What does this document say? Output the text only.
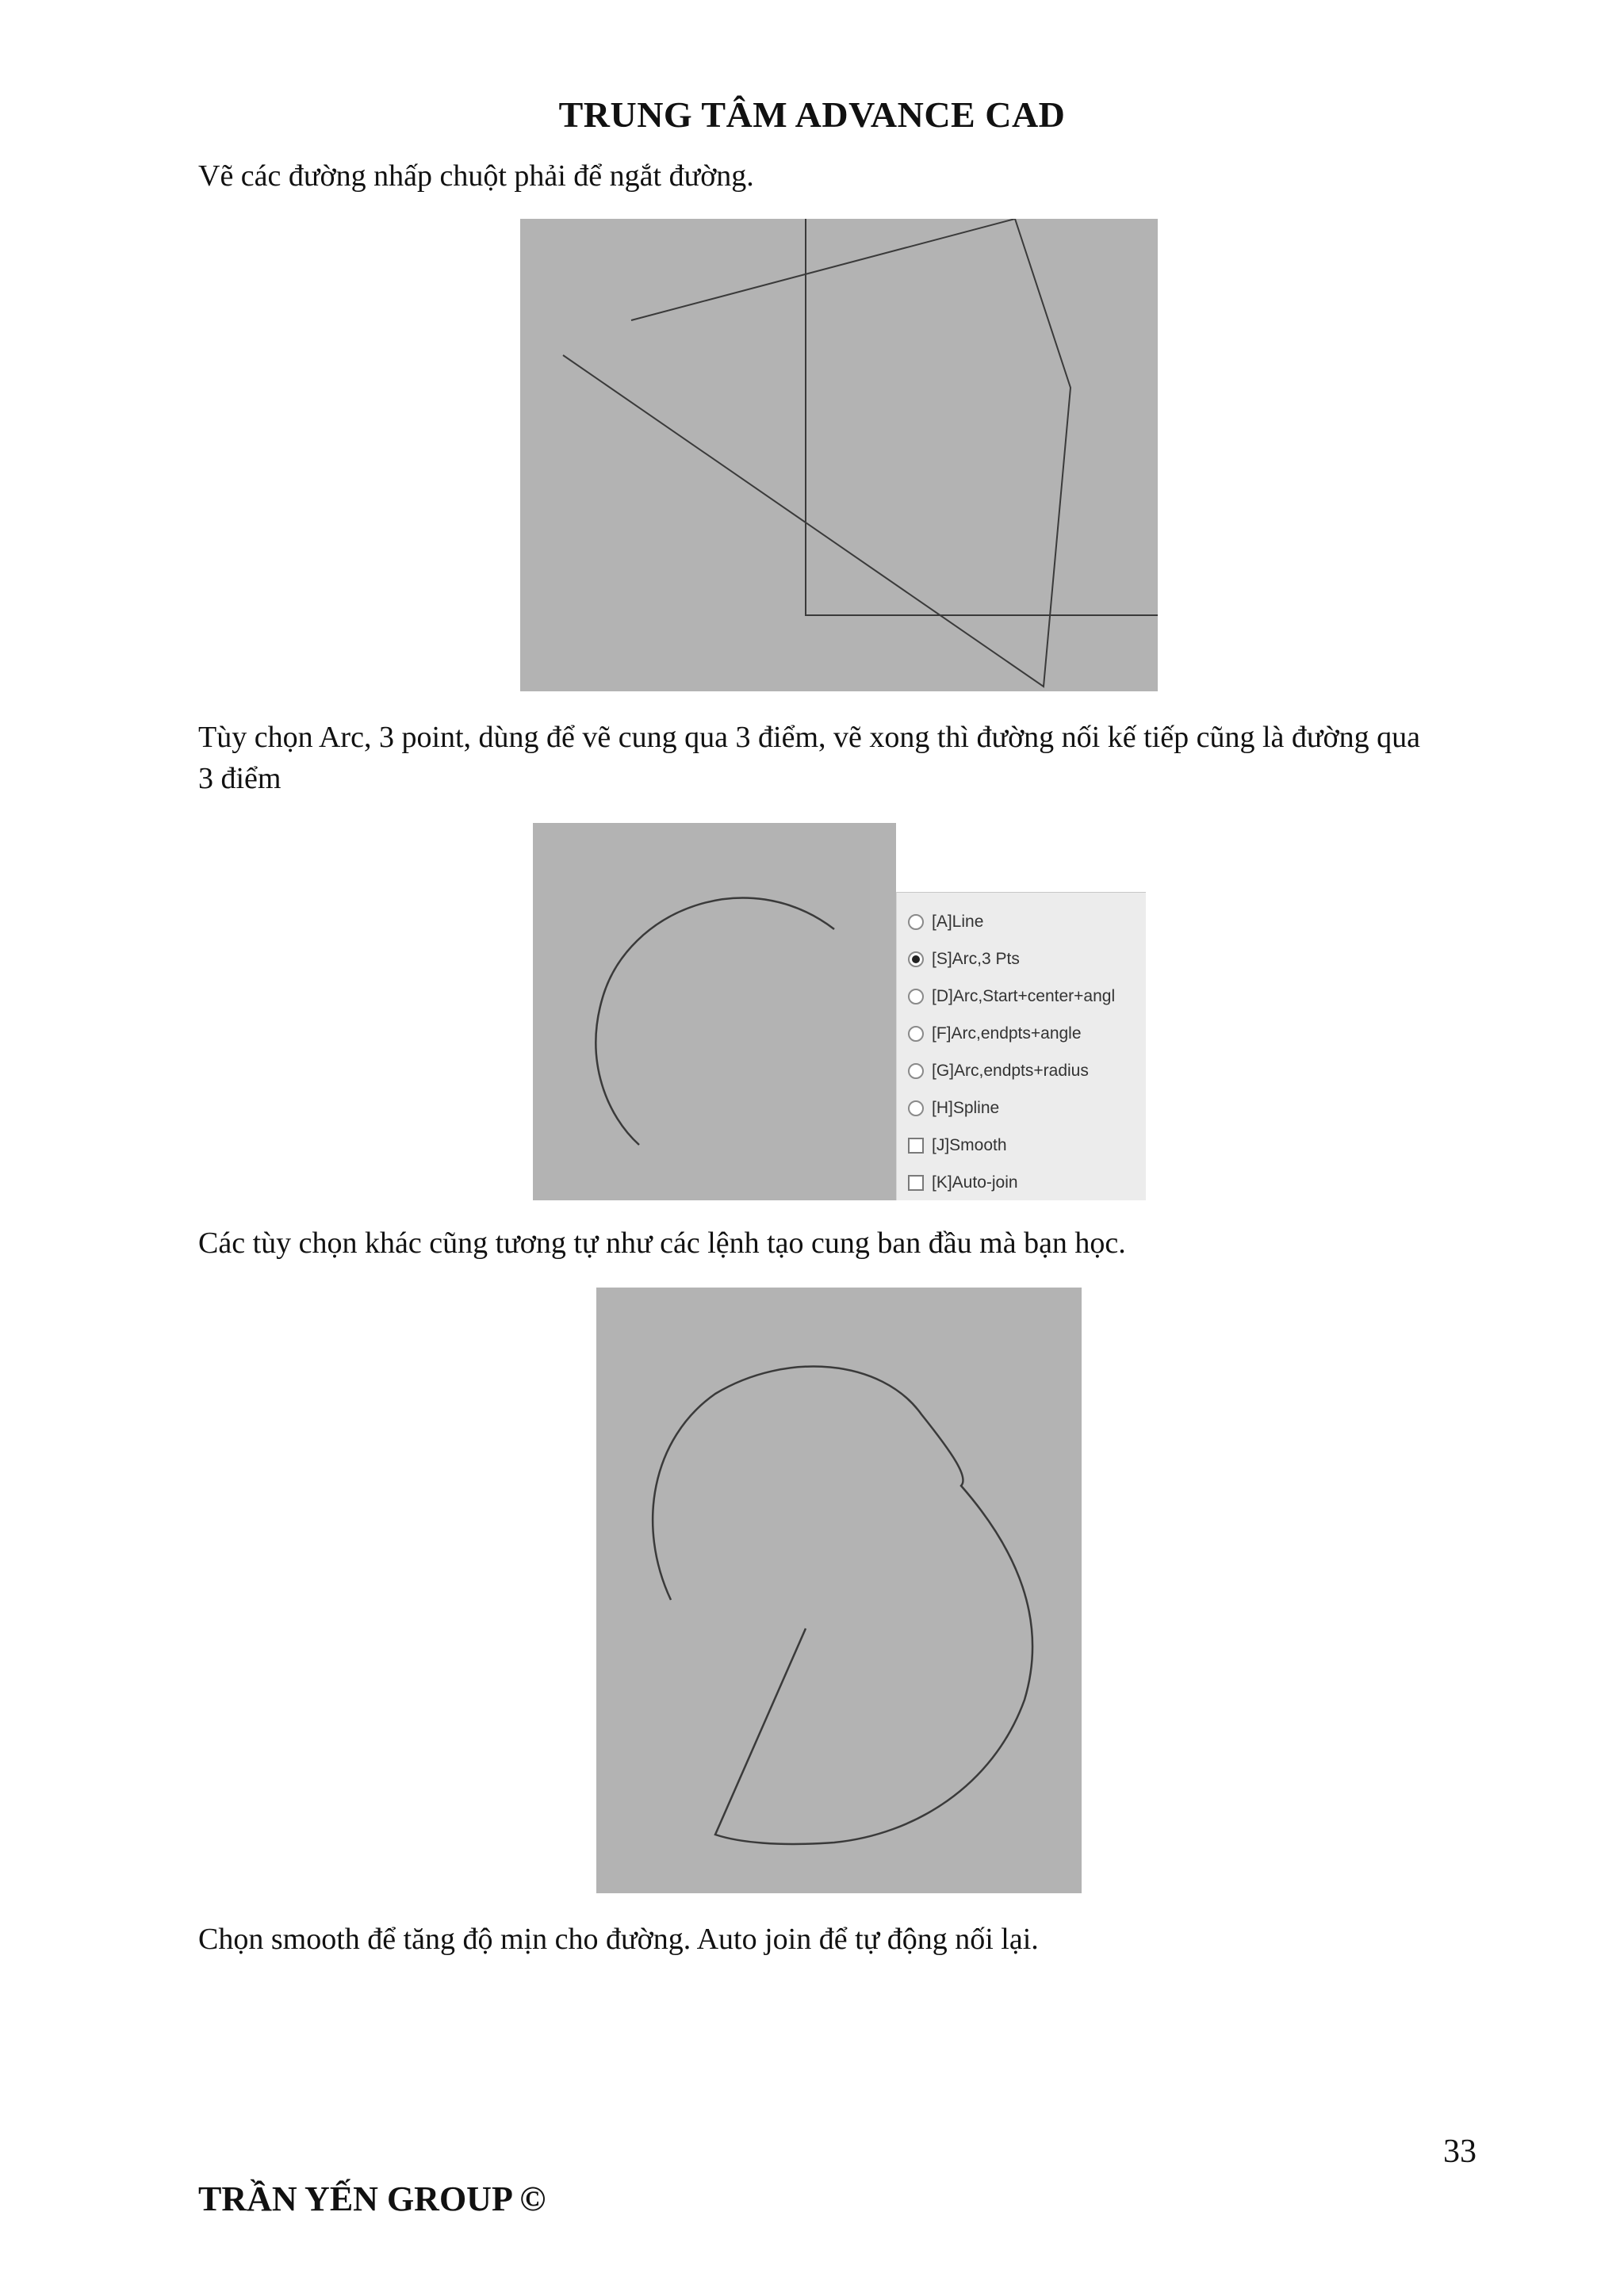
TRUNG TÂM ADVANCE CAD
Vẽ các đường nhấp chuột phải để ngắt đường.
Tùy chọn Arc, 3 point, dùng để vẽ cung qua 3 điểm, vẽ xong thì đường nối kế tiếp cũng là đường qua 3 điểm
[A]Line
[S]Arc,3 Pts
[D]Arc,Start+center+angl
[F]Arc,endpts+angle
[G]Arc,endpts+radius
[H]Spline
[J]Smooth
[K]Auto-join
Các tùy chọn khác cũng tương tự như các lệnh tạo cung ban đầu mà bạn học.
Chọn smooth để tăng độ mịn cho đường. Auto join để tự động nối lại.
33
TRẦN YẾN GROUP ©
